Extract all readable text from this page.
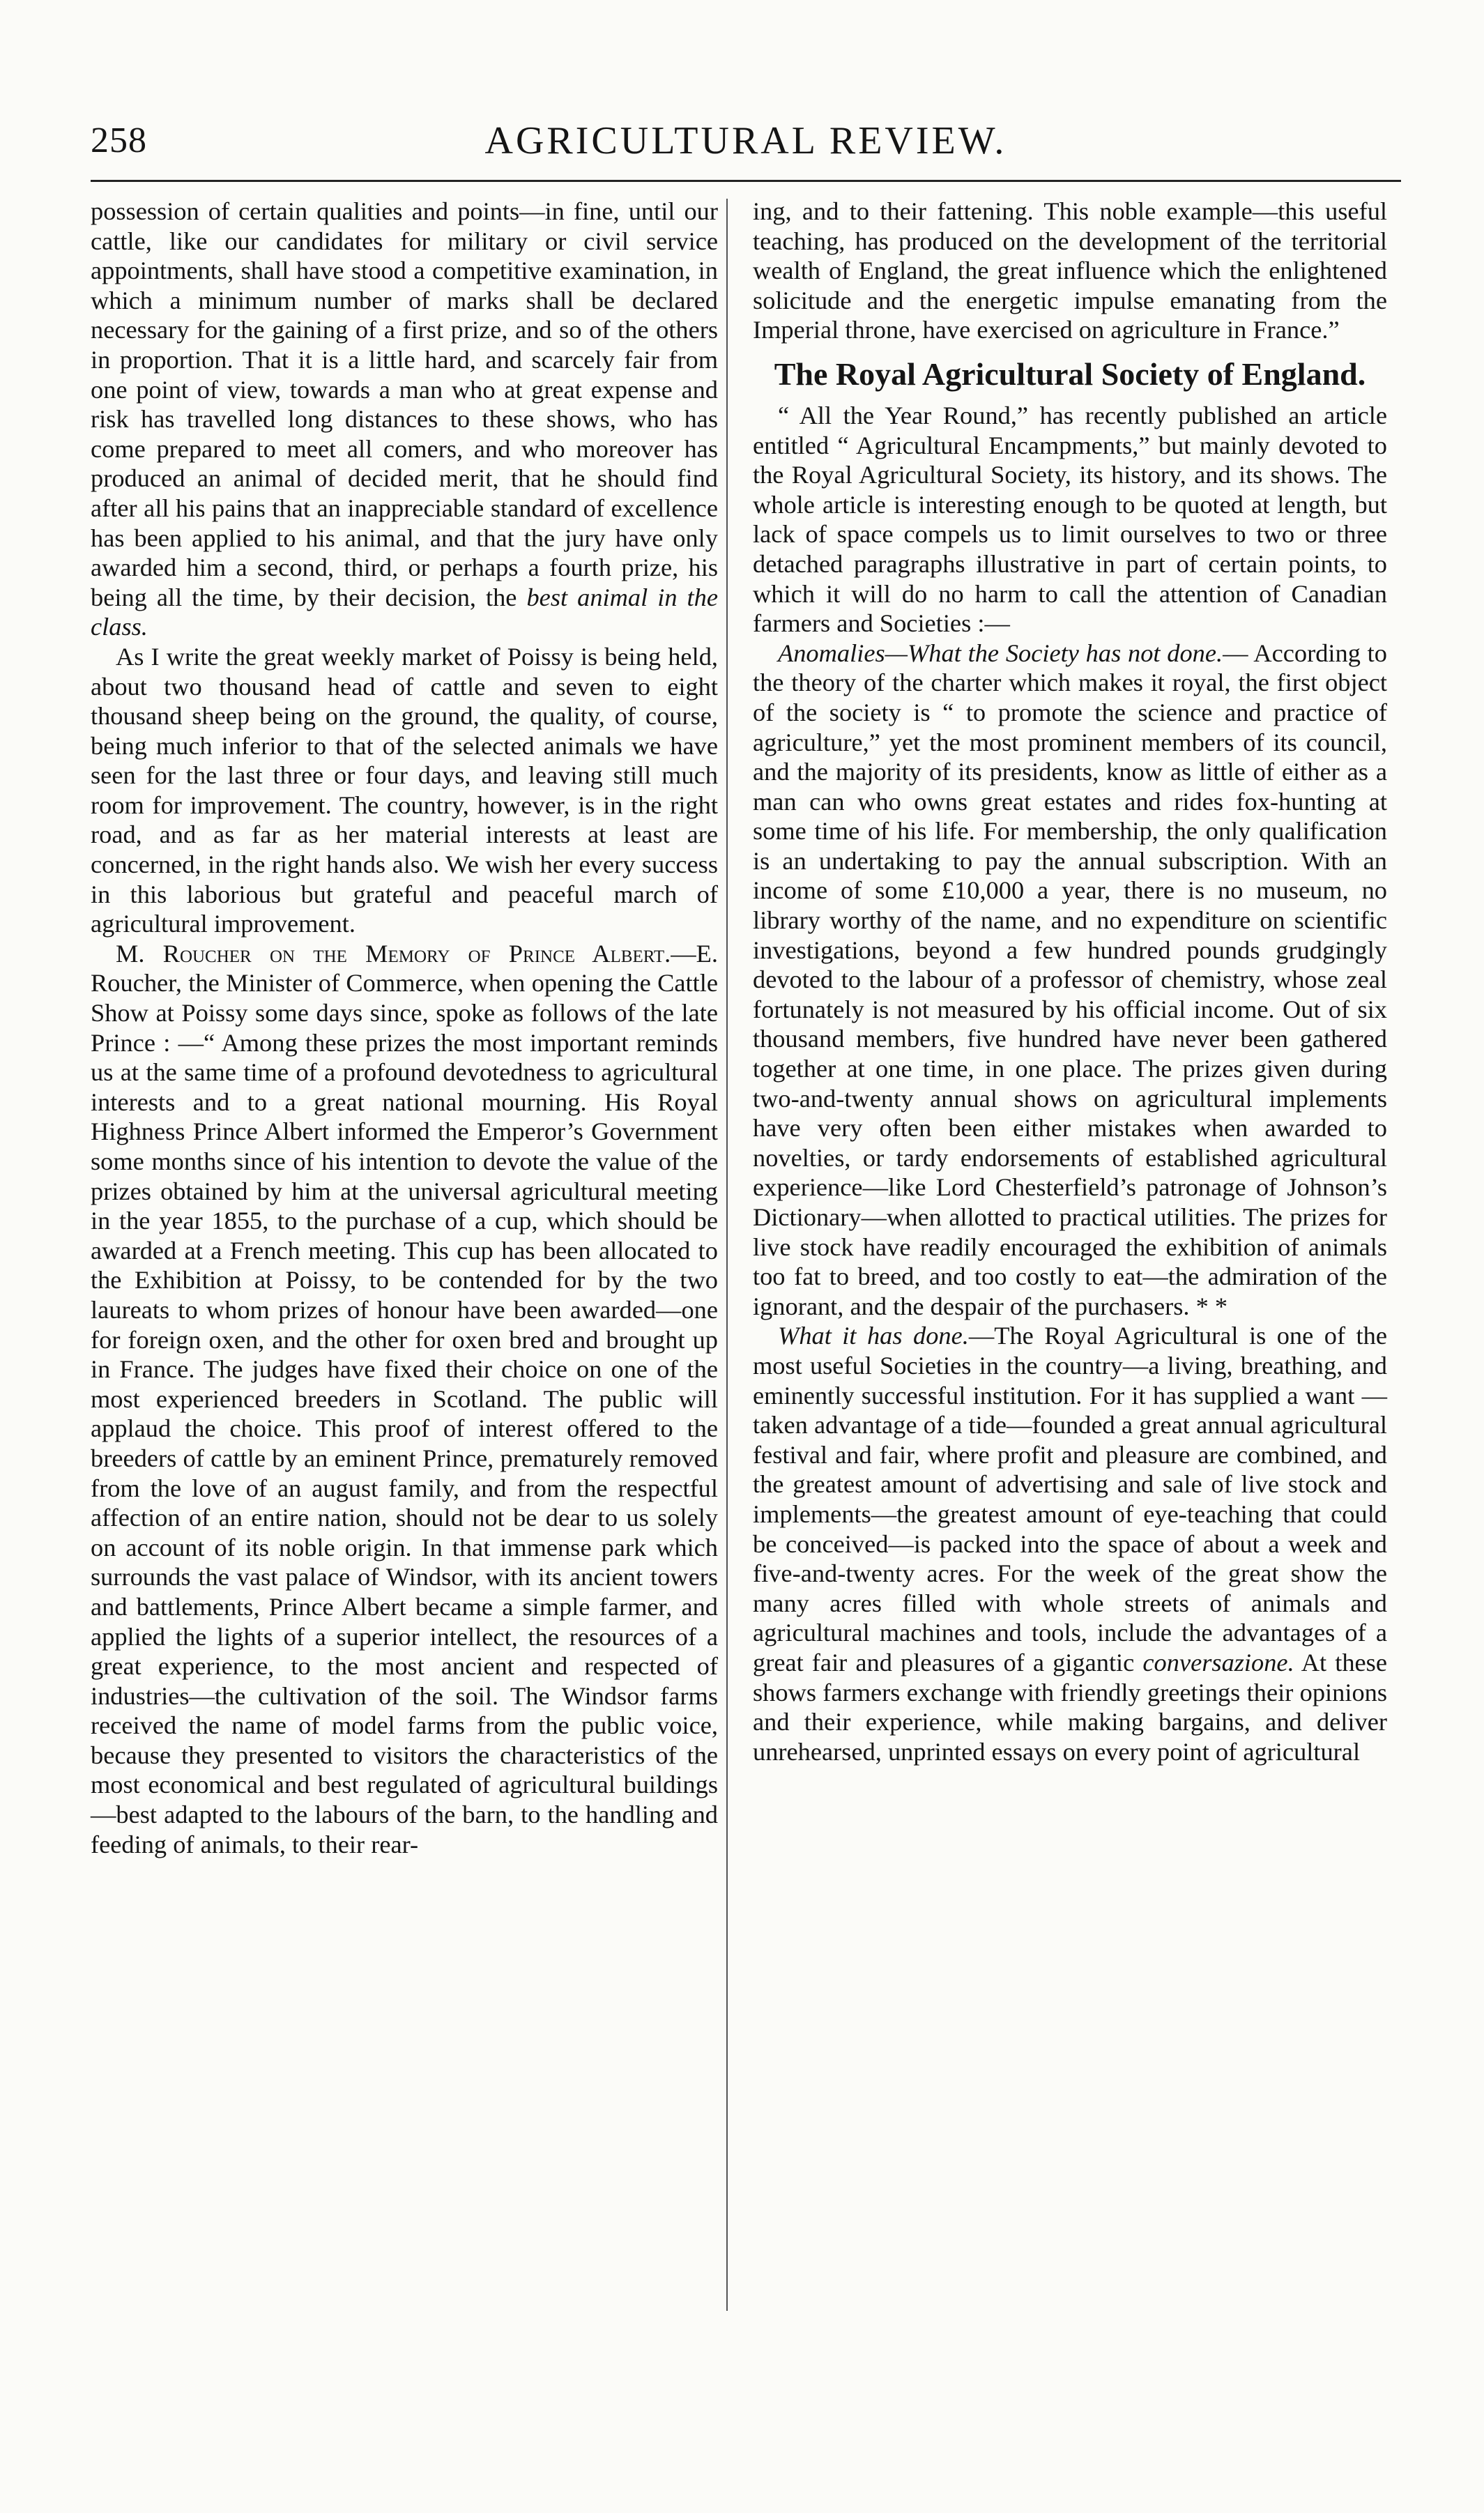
258	AGRICULTURAL REVIEW.

possession of certain qualities and points—in fine, until our cattle, like our candidates for military or civil service appointments, shall have stood a competitive examination, in which a minimum number of marks shall be declared necessary for the gaining of a first prize, and so of the others in proportion. That it is a little hard, and scarcely fair from one point of view, towards a man who at great expense and risk has travelled long distances to these shows, who has come prepared to meet all comers, and who moreover has produced an animal of decided merit, that he should find after all his pains that an inappreciable standard of excellence has been applied to his animal, and that the jury have only awarded him a second, third, or perhaps a fourth prize, his being all the time, by their decision, the best animal in the class.

As I write the great weekly market of Poissy is being held, about two thousand head of cattle and seven to eight thousand sheep being on the ground, the quality, of course, being much inferior to that of the selected animals we have seen for the last three or four days, and leaving still much room for improvement. The country, however, is in the right road, and as far as her material interests at least are concerned, in the right hands also. We wish her every success in this laborious but grateful and peaceful march of agricultural improvement.

M. Roucher on the Memory of Prince Albert.—E. Roucher, the Minister of Commerce, when opening the Cattle Show at Poissy some days since, spoke as follows of the late Prince : —“ Among these prizes the most important reminds us at the same time of a profound devotedness to agricultural interests and to a great national mourning. His Royal Highness Prince Albert informed the Emperor’s Government some months since of his intention to devote the value of the prizes obtained by him at the universal agricultural meeting in the year 1855, to the purchase of a cup, which should be awarded at a French meeting. This cup has been allocated to the Exhibition at Poissy, to be contended for by the two laureats to whom prizes of honour have been awarded—one for foreign oxen, and the other for oxen bred and brought up in France. The judges have fixed their choice on one of the most experienced breeders in Scotland. The public will applaud the choice. This proof of interest offered to the breeders of cattle by an eminent Prince, prematurely removed from the love of an august family, and from the respectful affection of an entire nation, should not be dear to us solely on account of its noble origin. In that immense park which surrounds the vast palace of Windsor, with its ancient towers and battlements, Prince Albert became a simple farmer, and applied the lights of a superior intellect, the resources of a great experience, to the most ancient and respected of industries—the cultivation of the soil. The Windsor farms received the name of model farms from the public voice, because they presented to visitors the characteristics of the most economical and best regulated of agricultural buildings—best adapted to the labours of the barn, to the handling and feeding of animals, to their rear-

ing, and to their fattening. This noble example—this useful teaching, has produced on the development of the territorial wealth of England, the great influence which the enlightened solicitude and the energetic impulse emanating from the Imperial throne, have exercised on agriculture in France.”

The Royal Agricultural Society of England.

“ All the Year Round,” has recently published an article entitled “ Agricultural Encampments,” but mainly devoted to the Royal Agricultural Society, its history, and its shows. The whole article is interesting enough to be quoted at length, but lack of space compels us to limit ourselves to two or three detached paragraphs illustrative in part of certain points, to which it will do no harm to call the attention of Canadian farmers and Societies :—

Anomalies—What the Society has not done.— According to the theory of the charter which makes it royal, the first object of the society is “ to promote the science and practice of agriculture,” yet the most prominent members of its council, and the majority of its presidents, know as little of either as a man can who owns great estates and rides fox-hunting at some time of his life. For membership, the only qualification is an undertaking to pay the annual subscription. With an income of some £10,000 a year, there is no museum, no library worthy of the name, and no expenditure on scientific investigations, beyond a few hundred pounds grudgingly devoted to the labour of a professor of chemistry, whose zeal fortunately is not measured by his official income. Out of six thousand members, five hundred have never been gathered together at one time, in one place. The prizes given during two-and-twenty annual shows on agricultural implements have very often been either mistakes when awarded to novelties, or tardy endorsements of established agricultural experience—like Lord Chesterfield’s patronage of Johnson’s Dictionary—when allotted to practical utilities. The prizes for live stock have readily encouraged the exhibition of animals too fat to breed, and too costly to eat—the admiration of the ignorant, and the despair of the purchasers. * *

What it has done.—The Royal Agricultural is one of the most useful Societies in the country—a living, breathing, and eminently successful institution. For it has supplied a want —taken advantage of a tide—founded a great annual agricultural festival and fair, where profit and pleasure are combined, and the greatest amount of advertising and sale of live stock and implements—the greatest amount of eye-teaching that could be conceived—is packed into the space of about a week and five-and-twenty acres. For the week of the great show the many acres filled with whole streets of animals and agricultural machines and tools, include the advantages of a great fair and pleasures of a gigantic conversazione. At these shows farmers exchange with friendly greetings their opinions and their experience, while making bargains, and deliver unrehearsed, unprinted essays on every point of agricultural
